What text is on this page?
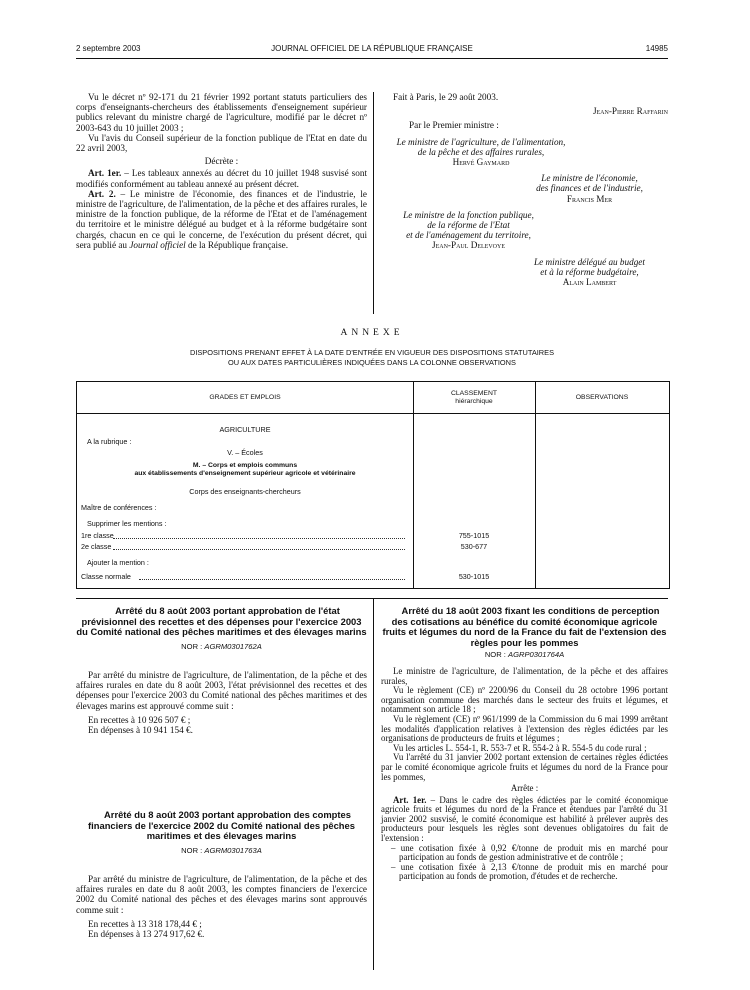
2 septembre 2003	JOURNAL OFFICIEL DE LA RÉPUBLIQUE FRANÇAISE	14985

Vu le décret nº 92-171 du 21 février 1992 portant statuts particuliers des corps d'enseignants-chercheurs des établissements d'enseignement supérieur publics relevant du ministre chargé de l'agriculture, modifié par le décret nº 2003-643 du 10 juillet 2003 ;

Vu l'avis du Conseil supérieur de la fonction publique de l'Etat en date du 22 avril 2003,

Décrète :

Art. 1er. – Les tableaux annexés au décret du 10 juillet 1948 susvisé sont modifiés conformément au tableau annexé au présent décret.

Art. 2. – Le ministre de l'économie, des finances et de l'industrie, le ministre de l'agriculture, de l'alimentation, de la pêche et des affaires rurales, le ministre de la fonction publique, de la réforme de l'Etat et de l'aménagement du territoire et le ministre délégué au budget et à la réforme budgétaire sont chargés, chacun en ce qui le concerne, de l'exécution du présent décret, qui sera publié au Journal officiel de la République française.

Fait à Paris, le 29 août 2003.

Jean-Pierre Raffarin

Par le Premier ministre :

Le ministre de l'agriculture, de l'alimentation,
de la pêche et des affaires rurales,
Hervé Gaymard
Le ministre de l'économie,
des finances et de l'industrie,
Francis Mer
Le ministre de la fonction publique,
de la réforme de l'Etat
et de l'aménagement du territoire,
Jean-Paul Delevoye
Le ministre délégué au budget
et à la réforme budgétaire,
Alain Lambert
ANNEXE
DISPOSITIONS PRENANT EFFET À LA DATE D'ENTRÉE EN VIGUEUR DES DISPOSITIONS STATUTAIRES
OU AUX DATES PARTICULIÈRES INDIQUÉES DANS LA COLONNE OBSERVATIONS
GRADES ET EMPLOIS
CLASSEMENT
hiérarchique
OBSERVATIONS
AGRICULTURE
A la rubrique :
V. – Écoles
M. – Corps et emplois communs
aux établissements d'enseignement supérieur agricole et vétérinaire
Corps des enseignants-chercheurs
Maître de conférences :
Supprimer les mentions :
1re classe	755-1015
2e classe	530-677
Ajouter la mention :
Classe normale	530-1015

Arrêté du 8 août 2003 portant approbation de l'état prévisionnel des recettes et des dépenses pour l'exercice 2003 du Comité national des pêches maritimes et des élevages marins

NOR : AGRM0301762A

Par arrêté du ministre de l'agriculture, de l'alimentation, de la pêche et des affaires rurales en date du 8 août 2003, l'état prévisionnel des recettes et des dépenses pour l'exercice 2003 du Comité national des pêches maritimes et des élevages marins est approuvé comme suit :

En recettes à 10 926 507 € ;

En dépenses à 10 941 154 €.

Arrêté du 8 août 2003 portant approbation des comptes financiers de l'exercice 2002 du Comité national des pêches maritimes et des élevages marins

NOR : AGRM0301763A

Par arrêté du ministre de l'agriculture, de l'alimentation, de la pêche et des affaires rurales en date du 8 août 2003, les comptes financiers de l'exercice 2002 du Comité national des pêches et des élevages marins sont approuvés comme suit :

En recettes à 13 318 178,44 € ;

En dépenses à 13 274 917,62 €.

Arrêté du 18 août 2003 fixant les conditions de perception des cotisations au bénéfice du comité économique agricole fruits et légumes du nord de la France du fait de l'extension des règles pour les pommes

NOR : AGRP0301764A

Le ministre de l'agriculture, de l'alimentation, de la pêche et des affaires rurales,

Vu le règlement (CE) nº 2200/96 du Conseil du 28 octobre 1996 portant organisation commune des marchés dans le secteur des fruits et légumes, et notamment son article 18 ;

Vu le règlement (CE) nº 961/1999 de la Commission du 6 mai 1999 arrêtant les modalités d'application relatives à l'extension des règles édictées par les organisations de producteurs de fruits et légumes ;

Vu les articles L. 554-1, R. 553-7 et R. 554-2 à R. 554-5 du code rural ;

Vu l'arrêté du 31 janvier 2002 portant extension de certaines règles édictées par le comité économique agricole fruits et légumes du nord de la France pour les pommes,

Arrête :

Art. 1er. – Dans le cadre des règles édictées par le comité économique agricole fruits et légumes du nord de la France et étendues par l'arrêté du 31 janvier 2002 susvisé, le comité économique est habilité à prélever auprès des producteurs pour lesquels les règles sont devenues obligatoires du fait de l'extension :

– une cotisation fixée à 0,92 €/tonne de produit mis en marché pour participation au fonds de gestion administrative et de contrôle ;

– une cotisation fixée à 2,13 €/tonne de produit mis en marché pour participation au fonds de promotion, d'études et de recherche.
